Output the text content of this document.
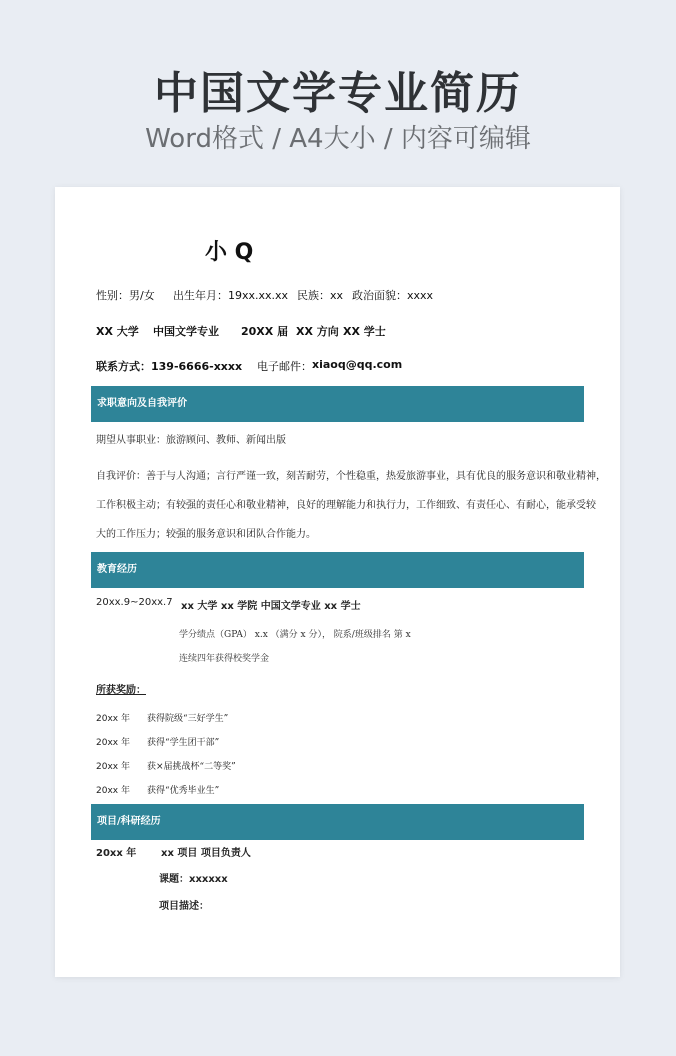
中国文学专业简历
Word格式 / A4大小 / 内容可编辑
小 Q
性别：男/女 出生年月：19xx.xx.xx 民族：xx 政治面貌：xxxx
XX 大学 中国文学专业 20XX 届 XX 方向 XX 学士
联系方式：139-6666-xxxx 电子邮件： xiaoq@qq.com
求职意向及自我评价
期望从事职业：旅游顾问、教师、新闻出版
自我评价：善于与人沟通；言行严谨一致，刻苦耐劳，个性稳重，热爱旅游事业，具有优良的服务意识和敬业精神，
工作积极主动；有较强的责任心和敬业精神，良好的理解能力和执行力，工作细致、有责任心、有耐心，能承受较
大的工作压力；较强的服务意识和团队合作能力。
教育经历
20xx.9~20xx.7 xx 大学 xx 学院 中国文学专业 xx 学士
学分绩点（GPA） x.x （满分 x 分）， 院系/班级排名 第 x
连续四年获得校奖学金
所获奖励：
20xx 年 获得院级“三好学生”
20xx 年 获得“学生团干部”
20xx 年 获×届挑战杯“二等奖”
20xx 年 获得“优秀毕业生”
项目/科研经历
20xx 年 xx 项目 项目负责人
课题：xxxxxx
项目描述：
